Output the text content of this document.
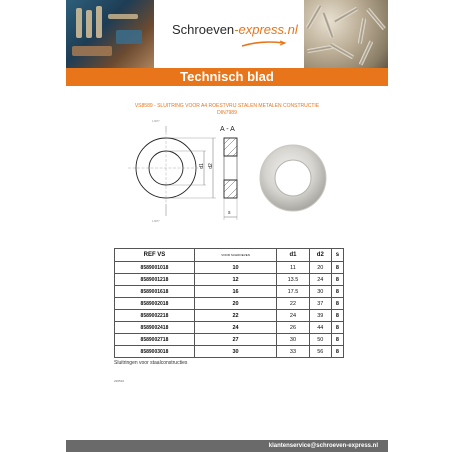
Schroeven-express.nl
Technisch blad
VS8589 - SLUITRING VOOR A4 ROESTVRIJ STALEN METALEN CONSTRUCTIE
DIN7989
1.6677
1.6677
A - A
d1 d2
s
REF VS	VOOR SCHROEVEN	d1	d2	s
8589001018	10	11	20	8
8589001218	12	13.5	24	8
8589001618	16	17.5	30	8
8589002018	20	22	37	8
8589002218	22	24	39	8
8589002418	24	26	44	8
8589002718	27	30	50	8
8589003018	30	33	56	8
Sluitringen voor staalconstructies
220510
klantenservice@schroeven-express.nl
